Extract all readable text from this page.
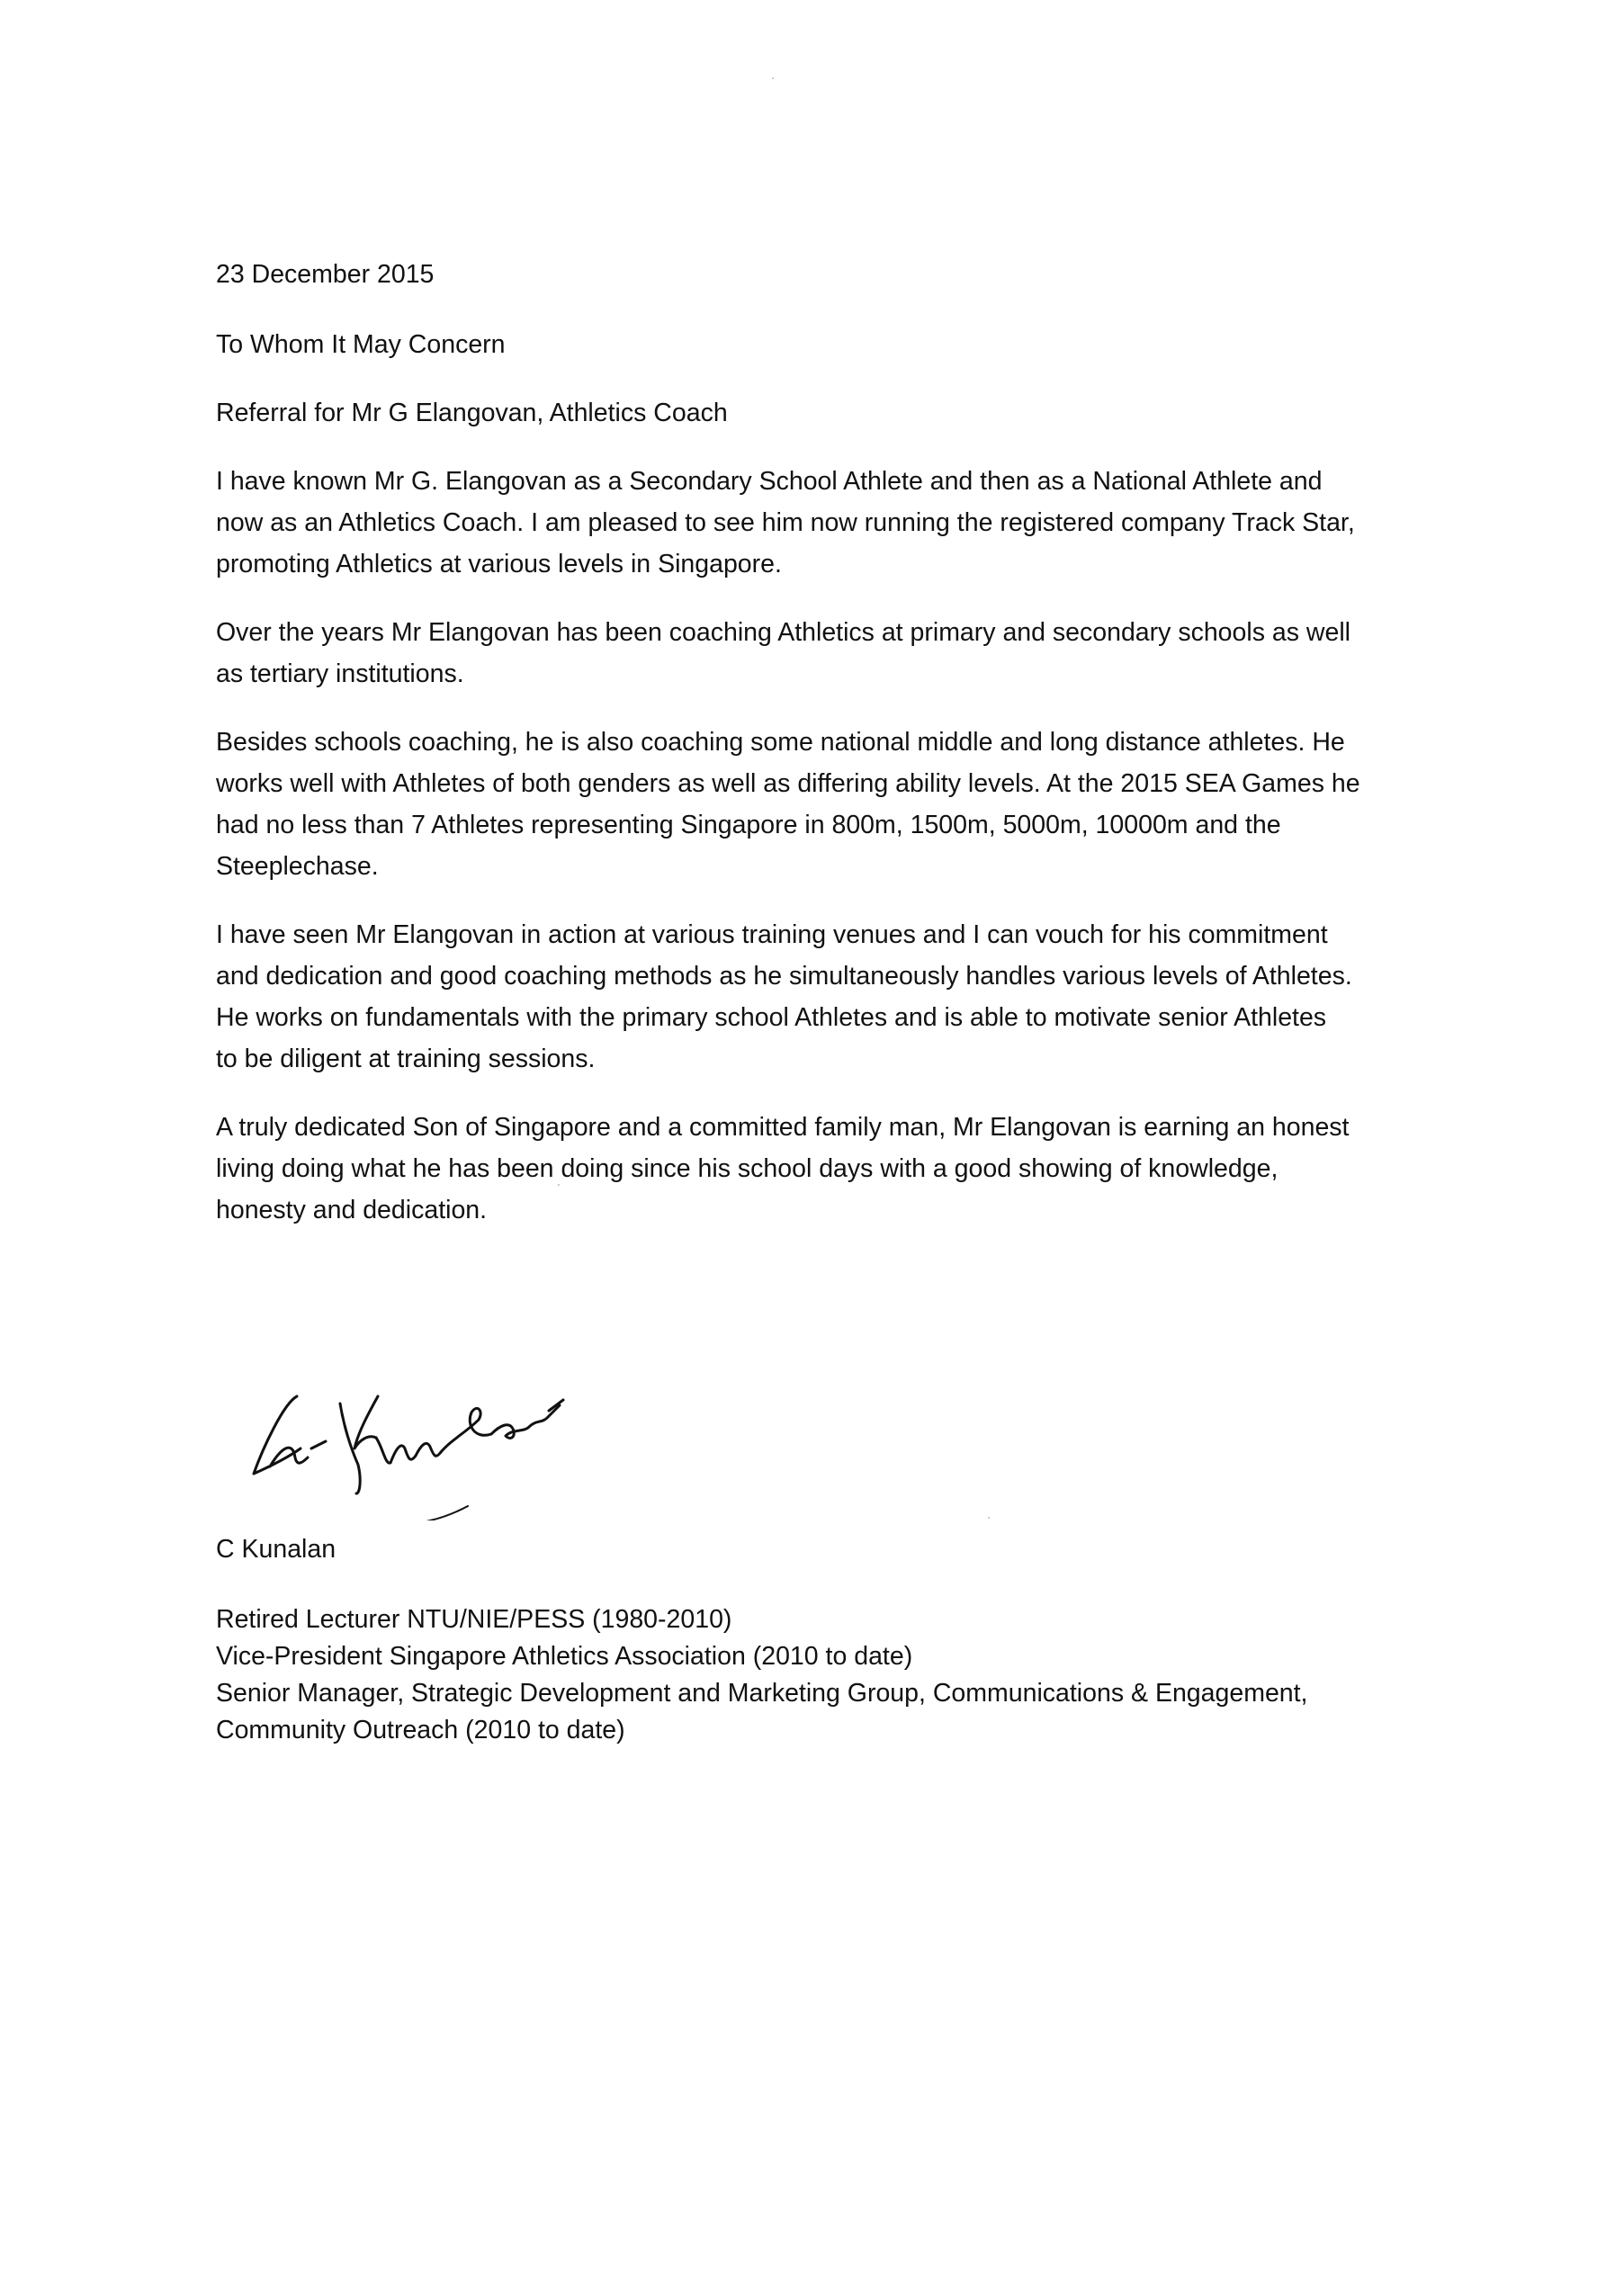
23 December 2015
To Whom It May Concern
Referral for Mr G Elangovan, Athletics Coach
I have known Mr G. Elangovan as a Secondary School Athlete and then as a National Athlete and
now as an Athletics Coach. I am pleased to see him now running the registered company Track Star,
promoting Athletics at various levels in Singapore.
Over the years Mr Elangovan has been coaching Athletics at primary and secondary schools as well
as tertiary institutions.
Besides schools coaching, he is also coaching some national middle and long distance athletes. He
works well with Athletes of both genders as well as differing ability levels. At the 2015 SEA Games he
had no less than 7 Athletes representing Singapore in 800m, 1500m, 5000m, 10000m and the
Steeplechase.
I have seen Mr Elangovan in action at various training venues and I can vouch for his commitment
and dedication and good coaching methods as he simultaneously handles various levels of Athletes.
He works on fundamentals with the primary school Athletes and is able to motivate senior Athletes
to be diligent at training sessions.
A truly dedicated Son of Singapore and a committed family man, Mr Elangovan is earning an honest
living doing what he has been doing since his school days with a good showing of knowledge,
honesty and dedication.
C Kunalan
Retired Lecturer NTU/NIE/PESS (1980-2010)
Vice-President Singapore Athletics Association (2010 to date)
Senior Manager, Strategic Development and Marketing Group, Communications & Engagement,
Community Outreach (2010 to date)
